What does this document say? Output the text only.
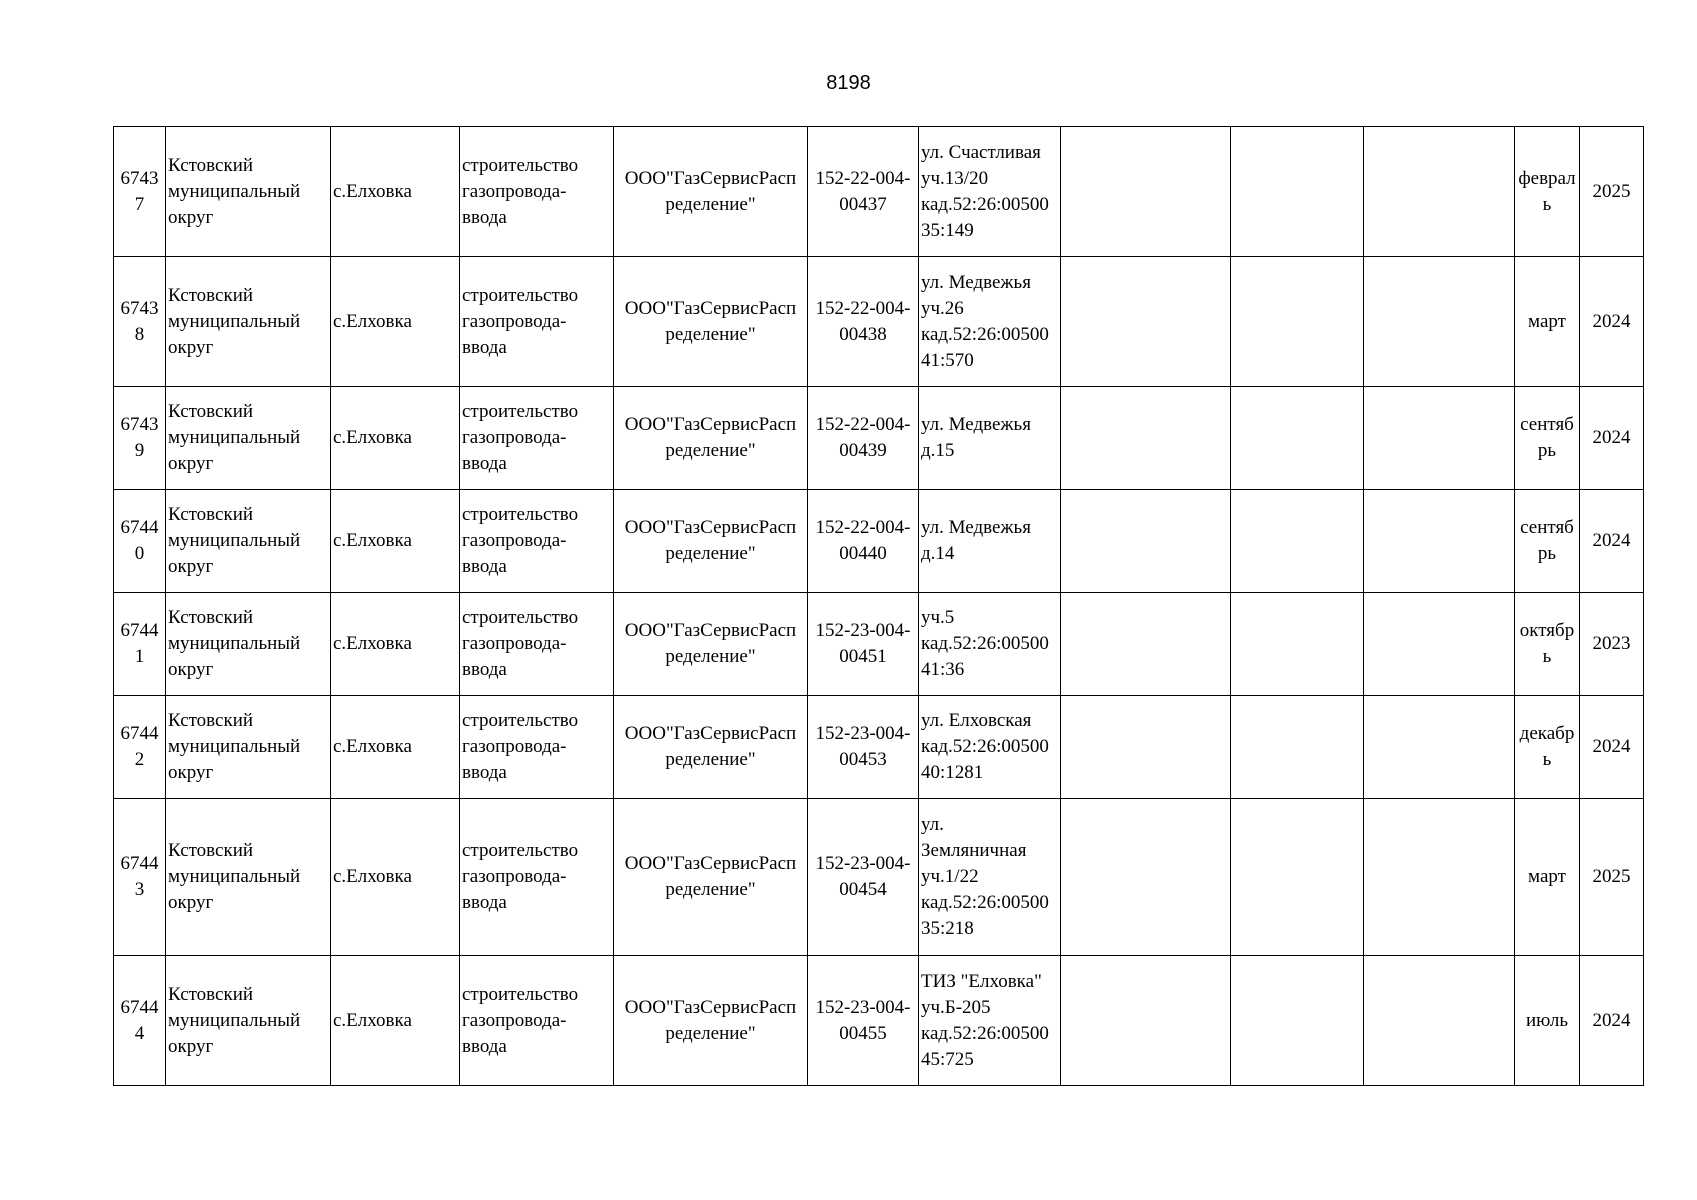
8198
6743
7	Кстовский
муниципальный
округ	с.Елховка	строительство
газопровода-
ввода	ООО"ГазСервисРасп
ределение"	152-22-004-
00437	ул. Счастливая
уч.13/20
кад.52:26:00500
35:149				феврал
ь	2025

6743
8	Кстовский
муниципальный
округ	с.Елховка	строительство
газопровода-
ввода	ООО"ГазСервисРасп
ределение"	152-22-004-
00438	ул. Медвежья
уч.26
кад.52:26:00500
41:570				март	2024

6743
9	Кстовский
муниципальный
округ	с.Елховка	строительство
газопровода-
ввода	ООО"ГазСервисРасп
ределение"	152-22-004-
00439	ул. Медвежья
д.15				сентяб
рь	2024

6744
0	Кстовский
муниципальный
округ	с.Елховка	строительство
газопровода-
ввода	ООО"ГазСервисРасп
ределение"	152-22-004-
00440	ул. Медвежья
д.14				сентяб
рь	2024

6744
1	Кстовский
муниципальный
округ	с.Елховка	строительство
газопровода-
ввода	ООО"ГазСервисРасп
ределение"	152-23-004-
00451	уч.5
кад.52:26:00500
41:36				октябр
ь	2023

6744
2	Кстовский
муниципальный
округ	с.Елховка	строительство
газопровода-
ввода	ООО"ГазСервисРасп
ределение"	152-23-004-
00453	ул. Елховская
кад.52:26:00500
40:1281				декабр
ь	2024

6744
3	Кстовский
муниципальный
округ	с.Елховка	строительство
газопровода-
ввода	ООО"ГазСервисРасп
ределение"	152-23-004-
00454	ул.
Земляничная
уч.1/22
кад.52:26:00500
35:218				март	2025

6744
4	Кстовский
муниципальный
округ	с.Елховка	строительство
газопровода-
ввода	ООО"ГазСервисРасп
ределение"	152-23-004-
00455	ТИЗ "Елховка"
уч.Б-205
кад.52:26:00500
45:725				июль	2024
